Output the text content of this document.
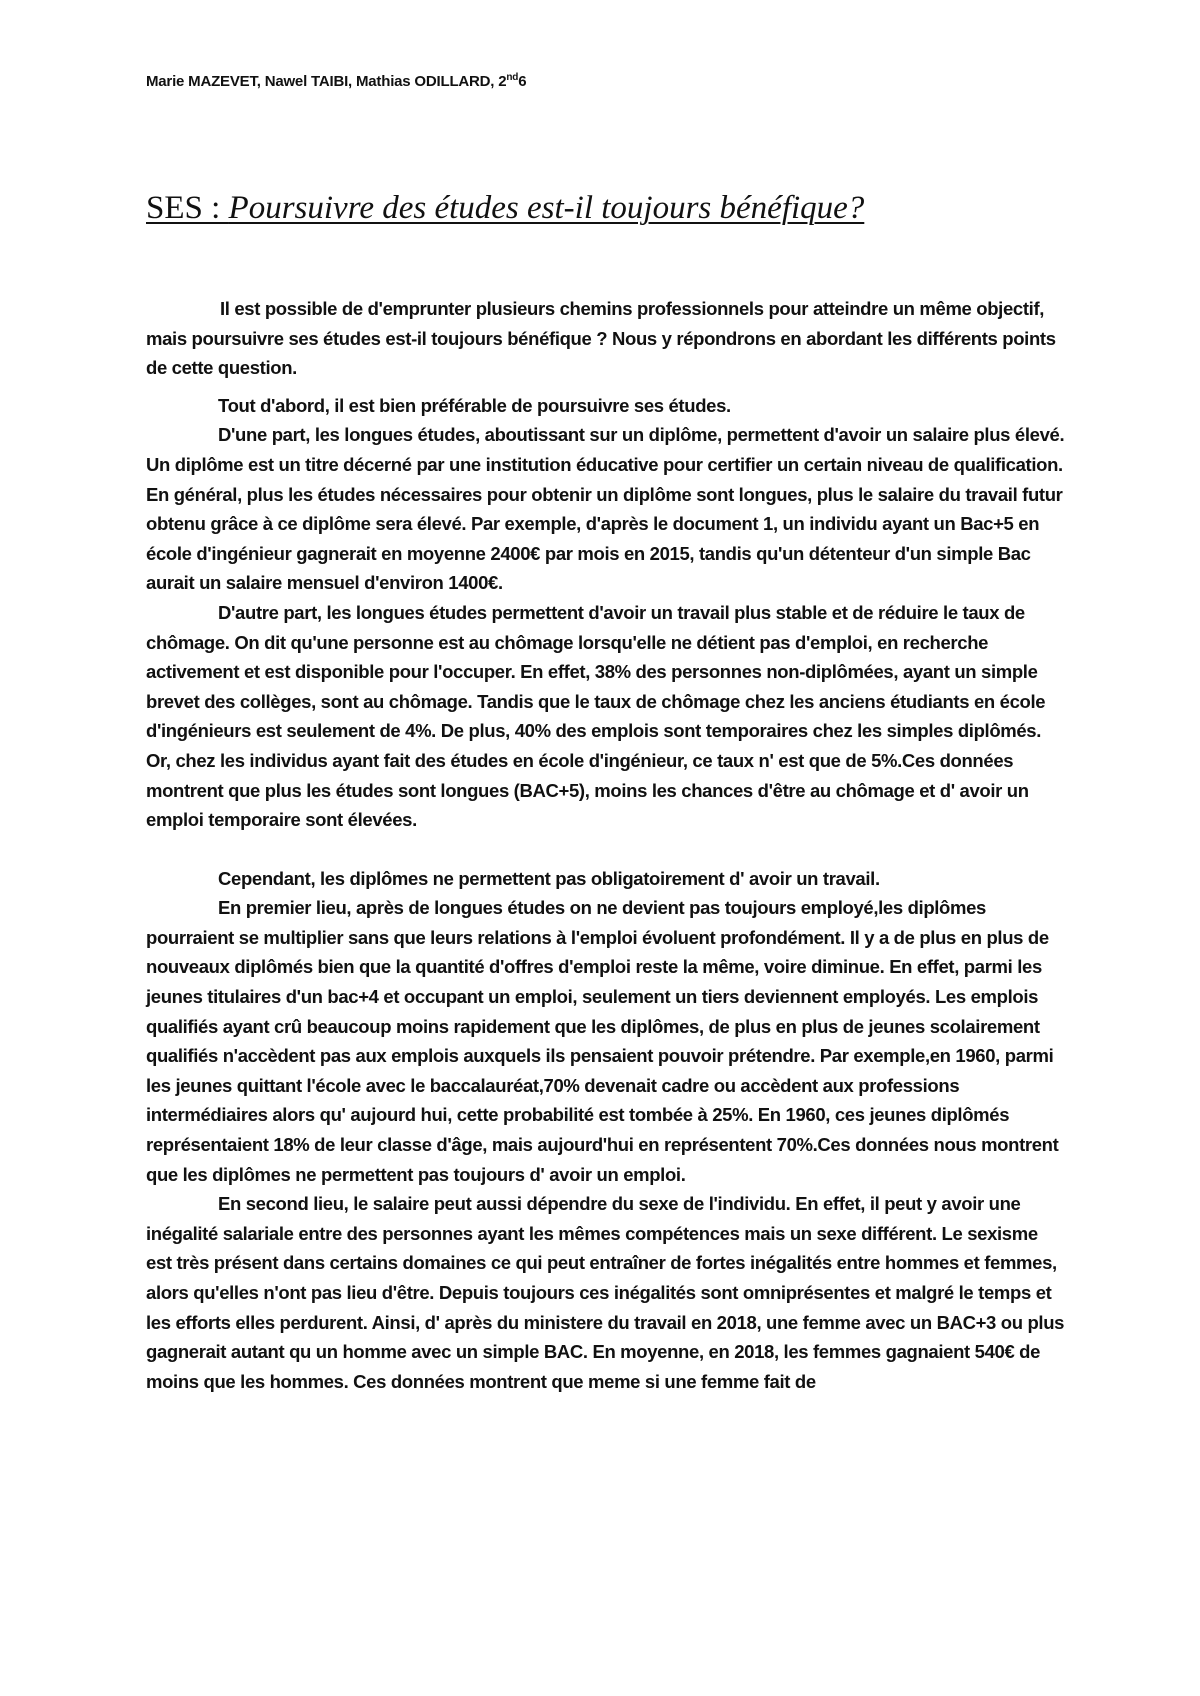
Marie MAZEVET, Nawel TAIBI, Mathias ODILLARD, 2nd6
SES : Poursuivre des études est-il toujours bénéfique?

Il est possible de d'emprunter plusieurs chemins professionnels pour atteindre un même objectif, mais poursuivre ses études est-il toujours bénéfique ? Nous y répondrons en abordant les différents points de cette question.

Tout d'abord, il est bien préférable de poursuivre ses études.

D'une part, les longues études, aboutissant sur un diplôme, permettent d'avoir un salaire plus élevé. Un diplôme est un titre décerné par une institution éducative pour certifier un certain niveau de qualification. En général, plus les études nécessaires pour obtenir un diplôme sont longues, plus le salaire du travail futur obtenu grâce à ce diplôme sera élevé. Par exemple, d'après le document 1, un individu ayant un Bac+5 en école d'ingénieur gagnerait en moyenne 2400€ par mois en 2015, tandis qu'un détenteur d'un simple Bac aurait un salaire mensuel d'environ 1400€.

D'autre part, les longues études permettent d'avoir un travail plus stable et de réduire le taux de chômage. On dit qu'une personne est au chômage lorsqu'elle ne détient pas d'emploi, en recherche activement et est disponible pour l'occuper. En effet, 38% des personnes non-diplômées, ayant un simple brevet des collèges, sont au chômage. Tandis que le taux de chômage chez les anciens étudiants en école d'ingénieurs est seulement de 4%. De plus, 40% des emplois sont temporaires chez les simples diplômés. Or, chez les individus ayant fait des études en école d'ingénieur, ce taux n' est que de 5%.Ces données montrent que plus les études sont longues (BAC+5), moins les chances d'être au chômage et d' avoir un emploi temporaire sont élevées.

Cependant, les diplômes ne permettent pas obligatoirement d' avoir un travail.

En premier lieu, après de longues études on ne devient pas toujours employé,les diplômes pourraient se multiplier sans que leurs relations à l'emploi évoluent profondément. Il y a de plus en plus de nouveaux diplômés bien que la quantité d'offres d'emploi reste la même, voire diminue. En effet, parmi les jeunes titulaires d'un bac+4 et occupant un emploi, seulement un tiers deviennent employés. Les emplois qualifiés ayant crû beaucoup moins rapidement que les diplômes, de plus en plus de jeunes scolairement qualifiés n'accèdent pas aux emplois auxquels ils pensaient pouvoir prétendre. Par exemple,en 1960, parmi les jeunes quittant l'école avec le baccalauréat,70% devenait cadre ou accèdent aux professions intermédiaires alors qu' aujourd hui, cette probabilité est tombée à 25%. En 1960, ces jeunes diplômés représentaient 18% de leur classe d'âge, mais aujourd'hui en représentent 70%.Ces données nous montrent que les diplômes ne permettent pas toujours d' avoir un emploi.

En second lieu, le salaire peut aussi dépendre du sexe de l'individu. En effet, il peut y avoir une inégalité salariale entre des personnes ayant les mêmes compétences mais un sexe différent. Le sexisme est très présent dans certains domaines ce qui peut entraîner de fortes inégalités entre hommes et femmes, alors qu'elles n'ont pas lieu d'être. Depuis toujours ces inégalités sont omniprésentes et malgré le temps et les efforts elles perdurent. Ainsi, d' après du ministere du travail en 2018, une femme avec un BAC+3 ou plus gagnerait autant qu un homme avec un simple BAC. En moyenne, en 2018, les femmes gagnaient 540€ de moins que les hommes. Ces données montrent que meme si une femme fait de
